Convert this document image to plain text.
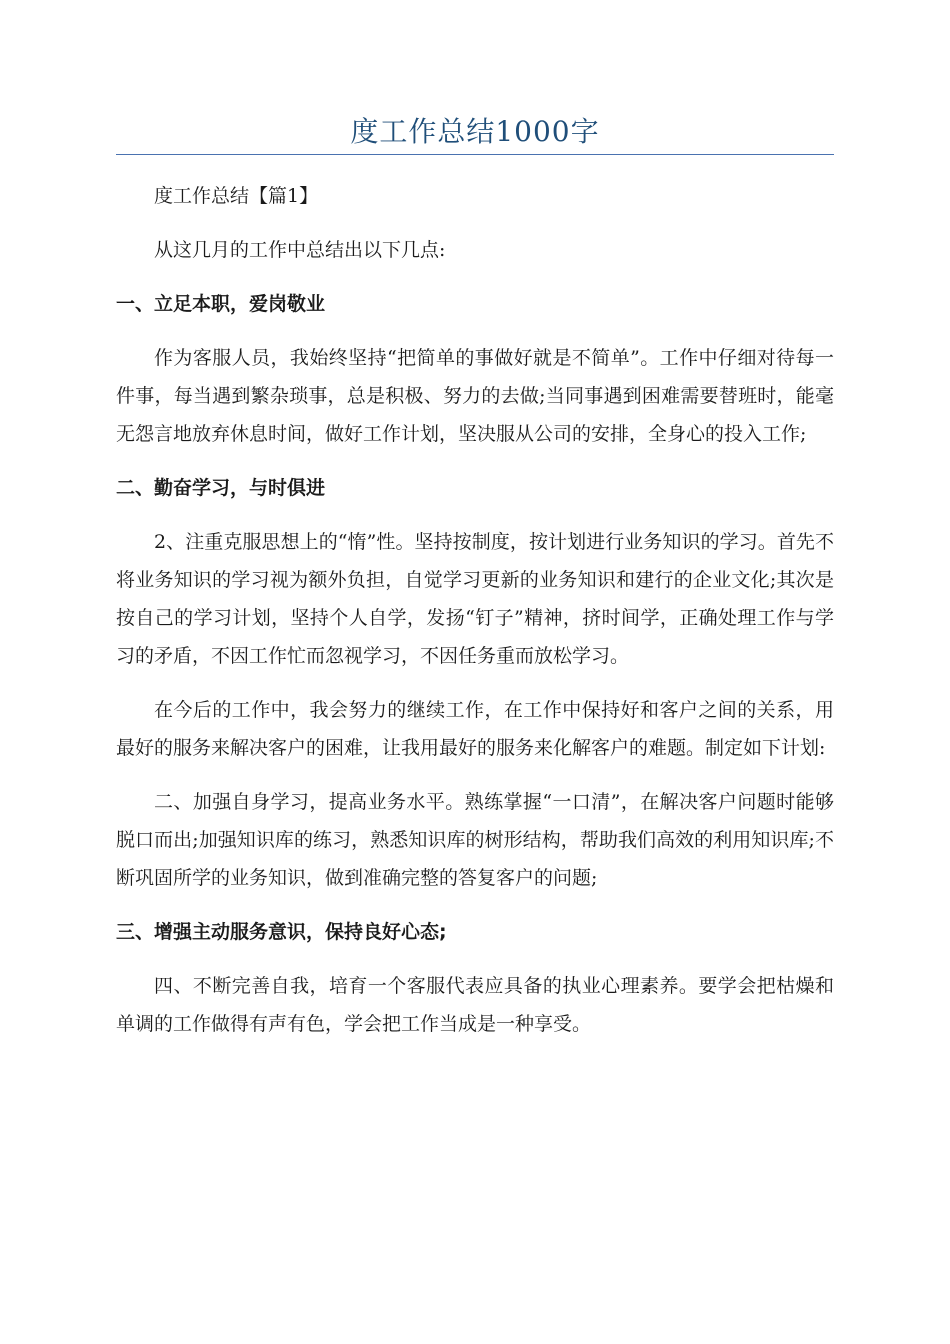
度工作总结1000字

度工作总结【篇1】

从这几月的工作中总结出以下几点:

一、立足本职，爱岗敬业

作为客服人员，我始终坚持“把简单的事做好就是不简单”。工作中仔细对待每一件事，每当遇到繁杂琐事，总是积极、努力的去做;当同事遇到困难需要替班时，能毫无怨言地放弃休息时间，做好工作计划，坚决服从公司的安排，全身心的投入工作;

二、勤奋学习，与时俱进

2、注重克服思想上的“惰”性。坚持按制度，按计划进行业务知识的学习。首先不将业务知识的学习视为额外负担，自觉学习更新的业务知识和建行的企业文化;其次是按自己的学习计划，坚持个人自学，发扬“钉子”精神，挤时间学，正确处理工作与学习的矛盾，不因工作忙而忽视学习，不因任务重而放松学习。

在今后的工作中，我会努力的继续工作，在工作中保持好和客户之间的关系，用最好的服务来解决客户的困难，让我用最好的服务来化解客户的难题。制定如下计划:

二、加强自身学习，提高业务水平。熟练掌握“一口清”，在解决客户问题时能够脱口而出;加强知识库的练习，熟悉知识库的树形结构，帮助我们高效的利用知识库;不断巩固所学的业务知识，做到准确完整的答复客户的问题;

三、增强主动服务意识，保持良好心态;

四、不断完善自我，培育一个客服代表应具备的执业心理素养。要学会把枯燥和单调的工作做得有声有色，学会把工作当成是一种享受。
